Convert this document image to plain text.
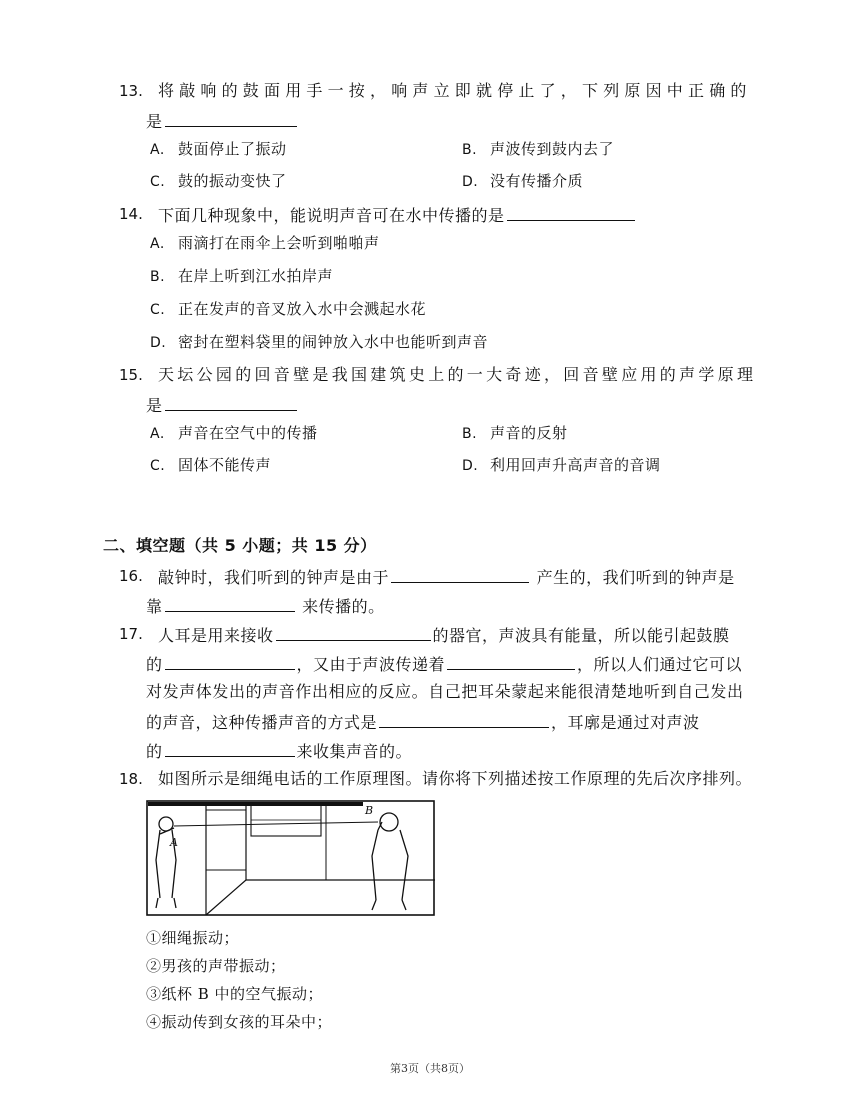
13. 将敲响的鼓面用手一按，响声立即就停止了，下列原因中正确的
是
A. 鼓面停止了振动	B. 声波传到鼓内去了
C. 鼓的振动变快了	D. 没有传播介质
14. 下面几种现象中，能说明声音可在水中传播的是
A. 雨滴打在雨伞上会听到啪啪声
B. 在岸上听到江水拍岸声
C. 正在发声的音叉放入水中会溅起水花
D. 密封在塑料袋里的闹钟放入水中也能听到声音
15. 天坛公园的回音壁是我国建筑史上的一大奇迹，回音壁应用的声学原理
是
A. 声音在空气中的传播	B. 声音的反射
C. 固体不能传声	D. 利用回声升高声音的音调
二、填空题（共 5 小题；共 15 分）
16. 敲钟时，我们听到的钟声是由于	产生的，我们听到的钟声是
靠	来传播的。
17. 人耳是用来接收	的器官，声波具有能量，所以能引起鼓膜
的	，又由于声波传递着	，所以人们通过它可以
对发声体发出的声音作出相应的反应。自己把耳朵蒙起来能很清楚地听到自己发出
的声音，这种传播声音的方式是	，耳廓是通过对声波
的	来收集声音的。
18. 如图所示是细绳电话的工作原理图。请你将下列描述按工作原理的先后次序排列。
A
B
①细绳振动；
②男孩的声带振动；
③纸杯 B 中的空气振动；
④振动传到女孩的耳朵中；
第3页（共8页）
